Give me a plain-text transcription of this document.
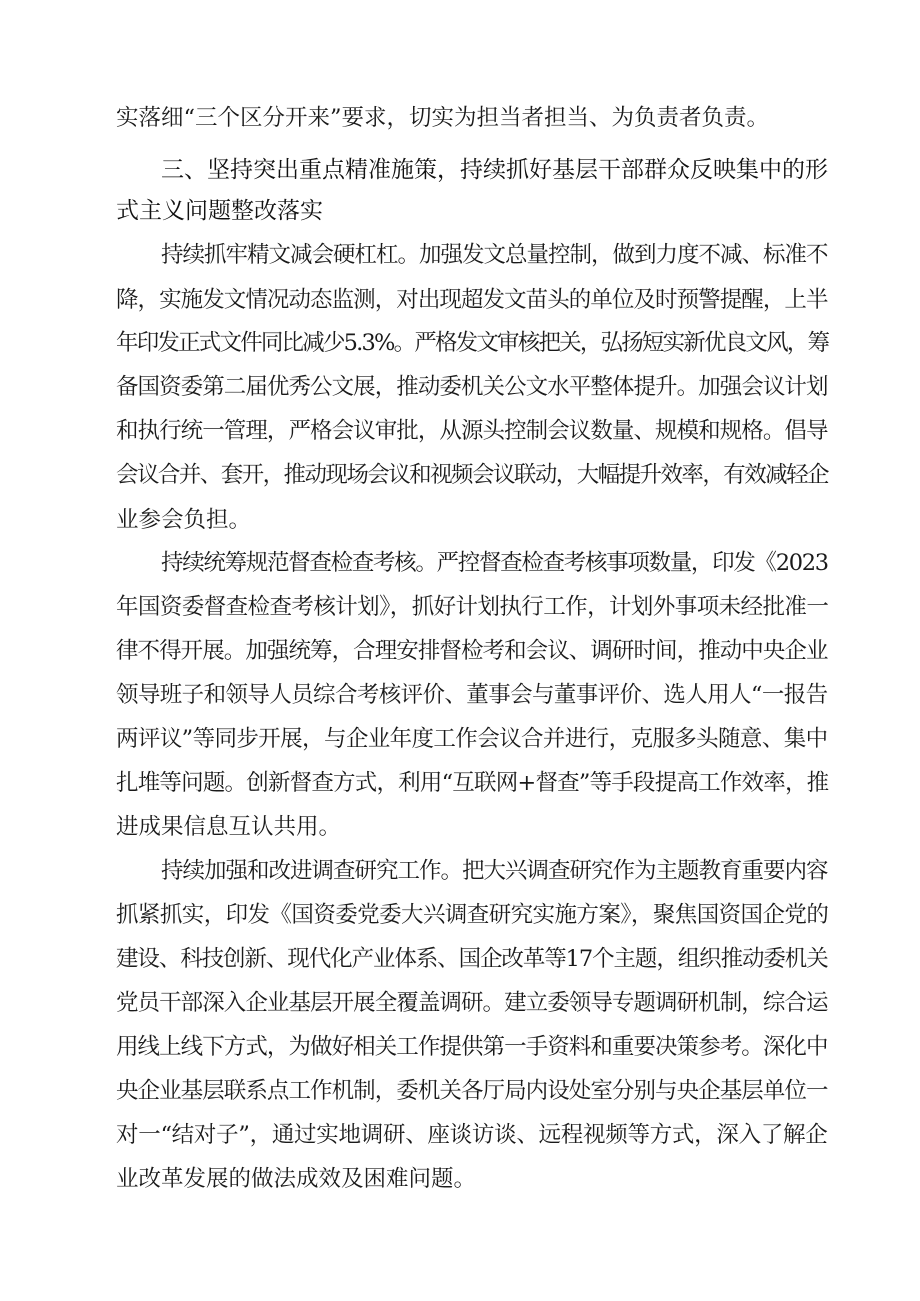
实落细“三个区分开来”要求，切实为担当者担当、为负责者负责。

三、坚持突出重点精准施策，持续抓好基层干部群众反映集中的形

式主义问题整改落实

持续抓牢精文减会硬杠杠。加强发文总量控制，做到力度不减、标准不

降，实施发文情况动态监测，对出现超发文苗头的单位及时预警提醒，上半

年印发正式文件同比减少5.3%。严格发文审核把关，弘扬短实新优良文风，筹

备国资委第二届优秀公文展，推动委机关公文水平整体提升。加强会议计划

和执行统一管理，严格会议审批，从源头控制会议数量、规模和规格。倡导

会议合并、套开，推动现场会议和视频会议联动，大幅提升效率，有效减轻企

业参会负担。

持续统筹规范督查检查考核。严控督查检查考核事项数量，印发《2023

年国资委督查检查考核计划》，抓好计划执行工作，计划外事项未经批准一

律不得开展。加强统筹，合理安排督检考和会议、调研时间，推动中央企业

领导班子和领导人员综合考核评价、董事会与董事评价、选人用人“一报告

两评议”等同步开展，与企业年度工作会议合并进行，克服多头随意、集中

扎堆等问题。创新督查方式，利用“互联网+督查”等手段提高工作效率，推

进成果信息互认共用。

持续加强和改进调查研究工作。把大兴调查研究作为主题教育重要内容

抓紧抓实，印发《国资委党委大兴调查研究实施方案》，聚焦国资国企党的

建设、科技创新、现代化产业体系、国企改革等17个主题，组织推动委机关

党员干部深入企业基层开展全覆盖调研。建立委领导专题调研机制，综合运

用线上线下方式，为做好相关工作提供第一手资料和重要决策参考。深化中

央企业基层联系点工作机制，委机关各厅局内设处室分别与央企基层单位一

对一“结对子”，通过实地调研、座谈访谈、远程视频等方式，深入了解企

业改革发展的做法成效及困难问题。
